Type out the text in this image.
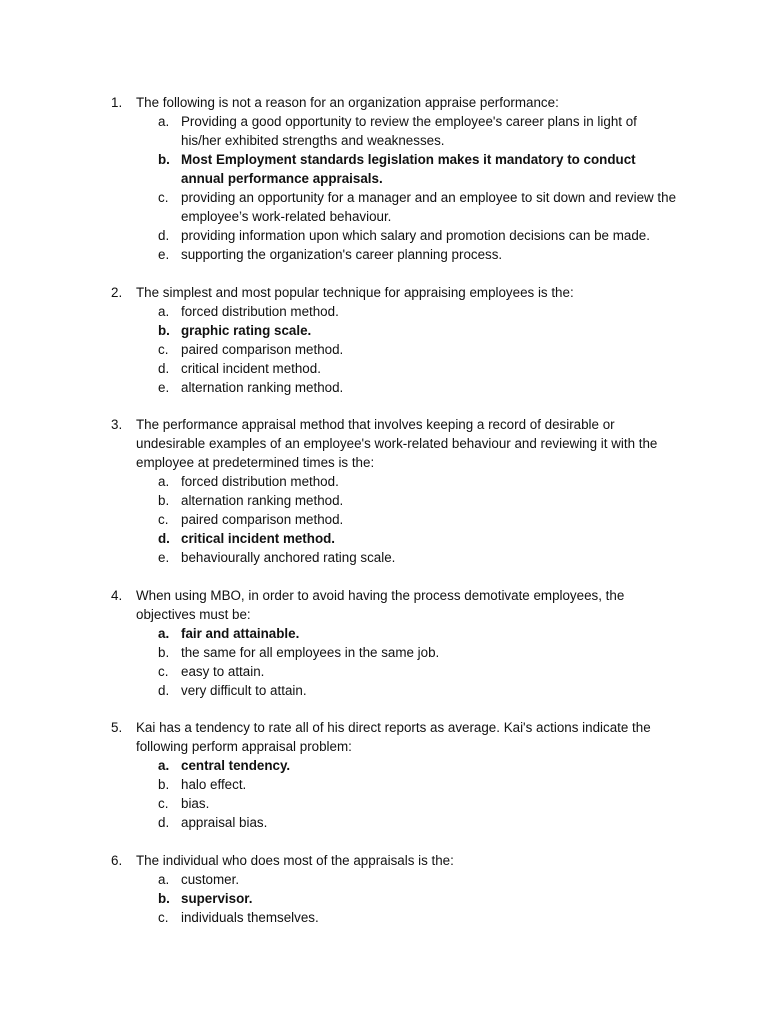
1. The following is not a reason for an organization appraise performance:
a. Providing a good opportunity to review the employee's career plans in light of his/her exhibited strengths and weaknesses.
b. Most Employment standards legislation makes it mandatory to conduct annual performance appraisals.
c. providing an opportunity for a manager and an employee to sit down and review the employee’s work-related behaviour.
d. providing information upon which salary and promotion decisions can be made.
e. supporting the organization's career planning process.
2. The simplest and most popular technique for appraising employees is the:
a. forced distribution method.
b. graphic rating scale.
c. paired comparison method.
d. critical incident method.
e. alternation ranking method.
3. The performance appraisal method that involves keeping a record of desirable or undesirable examples of an employee's work-related behaviour and reviewing it with the employee at predetermined times is the:
a. forced distribution method.
b. alternation ranking method.
c. paired comparison method.
d. critical incident method.
e. behaviourally anchored rating scale.
4. When using MBO, in order to avoid having the process demotivate employees, the objectives must be:
a. fair and attainable.
b. the same for all employees in the same job.
c. easy to attain.
d. very difficult to attain.
5. Kai has a tendency to rate all of his direct reports as average. Kai's actions indicate the following perform appraisal problem:
a. central tendency.
b. halo effect.
c. bias.
d. appraisal bias.
6. The individual who does most of the appraisals is the:
a. customer.
b. supervisor.
c. individuals themselves.
